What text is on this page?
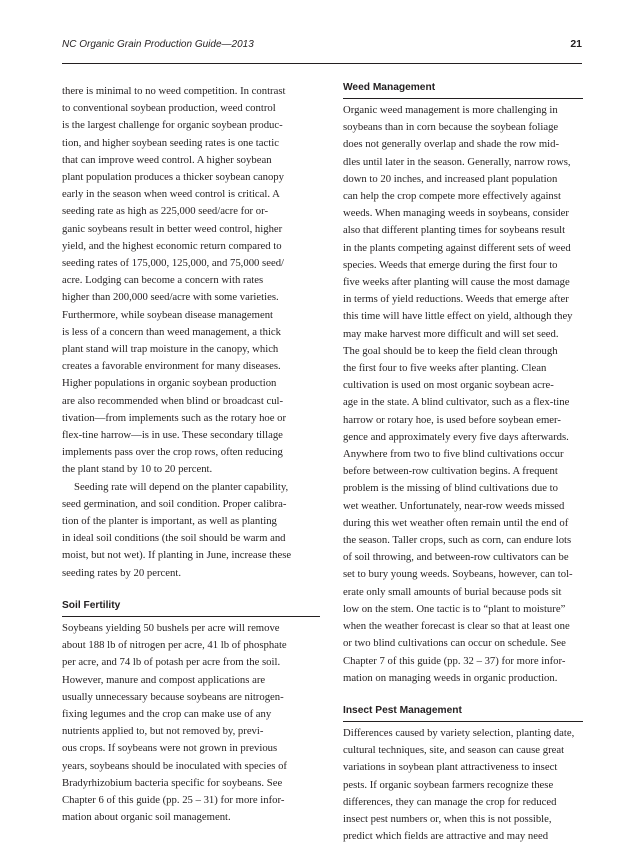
NC Organic Grain Production Guide—2013	21

there is minimal to no weed competition. In contrast
to conventional soybean production, weed control
is the largest challenge for organic soybean produc-
tion, and higher soybean seeding rates is one tactic
that can improve weed control. A higher soybean
plant population produces a thicker soybean canopy
early in the season when weed control is critical. A
seeding rate as high as 225,000 seed/acre for or-
ganic soybeans result in better weed control, higher
yield, and the highest economic return compared to
seeding rates of 175,000, 125,000, and 75,000 seed/
acre. Lodging can become a concern with rates
higher than 200,000 seed/acre with some varieties.
Furthermore, while soybean disease management
is less of a concern than weed management, a thick
plant stand will trap moisture in the canopy, which
creates a favorable environment for many diseases.
Higher populations in organic soybean production
are also recommended when blind or broadcast cul-
tivation—from implements such as the rotary hoe or
flex-tine harrow—is in use. These secondary tillage
implements pass over the crop rows, often reducing
the plant stand by 10 to 20 percent.

Seeding rate will depend on the planter capability,
seed germination, and soil condition. Proper calibra-
tion of the planter is important, as well as planting
in ideal soil conditions (the soil should be warm and
moist, but not wet). If planting in June, increase these
seeding rates by 20 percent.

Soil Fertility

Soybeans yielding 50 bushels per acre will remove
about 188 lb of nitrogen per acre, 41 lb of phosphate
per acre, and 74 lb of potash per acre from the soil.
However, manure and compost applications are
usually unnecessary because soybeans are nitrogen-
fixing legumes and the crop can make use of any
nutrients applied to, but not removed by, previ-
ous crops. If soybeans were not grown in previous
years, soybeans should be inoculated with species of
Bradyrhizobium bacteria specific for soybeans. See
Chapter 6 of this guide (pp. 25 – 31) for more infor-
mation about organic soil management.

Weed Management

Organic weed management is more challenging in
soybeans than in corn because the soybean foliage
does not generally overlap and shade the row mid-
dles until later in the season. Generally, narrow rows,
down to 20 inches, and increased plant population
can help the crop compete more effectively against
weeds. When managing weeds in soybeans, consider
also that different planting times for soybeans result
in the plants competing against different sets of weed
species. Weeds that emerge during the first four to
five weeks after planting will cause the most damage
in terms of yield reductions. Weeds that emerge after
this time will have little effect on yield, although they
may make harvest more difficult and will set seed.
The goal should be to keep the field clean through
the first four to five weeks after planting. Clean
cultivation is used on most organic soybean acre-
age in the state. A blind cultivator, such as a flex-tine
harrow or rotary hoe, is used before soybean emer-
gence and approximately every five days afterwards.
Anywhere from two to five blind cultivations occur
before between-row cultivation begins. A frequent
problem is the missing of blind cultivations due to
wet weather. Unfortunately, near-row weeds missed
during this wet weather often remain until the end of
the season. Taller crops, such as corn, can endure lots
of soil throwing, and between-row cultivators can be
set to bury young weeds. Soybeans, however, can tol-
erate only small amounts of burial because pods sit
low on the stem. One tactic is to “plant to moisture”
when the weather forecast is clear so that at least one
or two blind cultivations can occur on schedule. See
Chapter 7 of this guide (pp. 32 – 37) for more infor-
mation on managing weeds in organic production.

Insect Pest Management

Differences caused by variety selection, planting date,
cultural techniques, site, and season can cause great
variations in soybean plant attractiveness to insect
pests. If organic soybean farmers recognize these
differences, they can manage the crop for reduced
insect pest numbers or, when this is not possible,
predict which fields are attractive and may need
